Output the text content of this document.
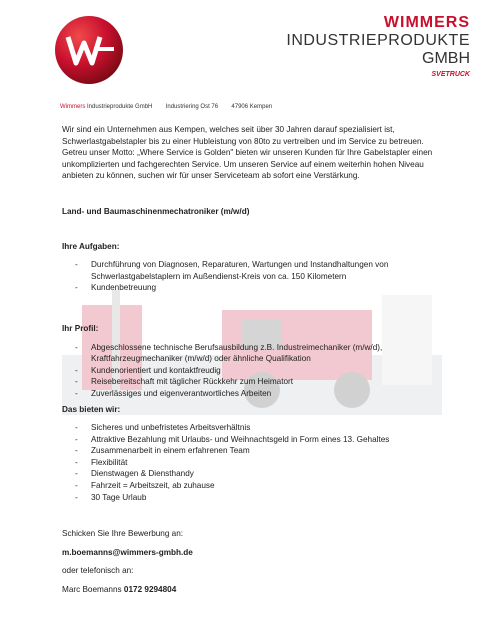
WIMMERS
INDUSTRIEPRODUKTE
GMBH
SVETRUCK
Wimmers Industrieprodukte GmbH Industriering Ost 76 47906 Kempen

Wir sind ein Unternehmen aus Kempen, welches seit über 30 Jahren darauf spezialisiert ist, Schwerlastgabelstapler bis zu einer Hubleistung von 80to zu vertreiben und im Service zu betreuen. Getreu unser Motto: „Where Service is Golden" bieten wir unseren Kunden für Ihre Gabelstapler einen unkomplizierten und fachgerechten Service. Um unseren Service auf einem weiterhin hohen Niveau anbieten zu können, suchen wir für unser Serviceteam ab sofort eine Verstärkung.

Land- und Baumaschinenmechatroniker (m/w/d)

Ihre Aufgaben:

- Durchführung von Diagnosen, Reparaturen, Wartungen und Instandhaltungen von Schwerlastgabelstaplern im Außendienst-Kreis von ca. 150 Kilometern
- Kundenbetreuung

Ihr Profil:

- Abgeschlossene technische Berufsausbildung z.B. Industreimechaniker (m/w/d), Kraftfahrzeugmechaniker (m/w/d) oder ähnliche Qualifikation
- Kundenorientiert und kontaktfreudig
- Reisebereitschaft mit täglicher Rückkehr zum Heimatort
- Zuverlässiges und eigenverantwortliches Arbeiten

Das bieten wir:

- Sicheres und unbefristetes Arbeitsverhältnis
- Attraktive Bezahlung mit Urlaubs- und Weihnachtsgeld in Form eines 13. Gehaltes
- Zusammenarbeit in einem erfahrenen Team
- Flexibilität
- Dienstwagen & Diensthandy
- Fahrzeit = Arbeitszeit, ab zuhause
- 30 Tage Urlaub

Schicken Sie Ihre Bewerbung an:

m.boemanns@wimmers-gmbh.de

oder telefonisch an:

Marc Boemanns 0172 9294804
